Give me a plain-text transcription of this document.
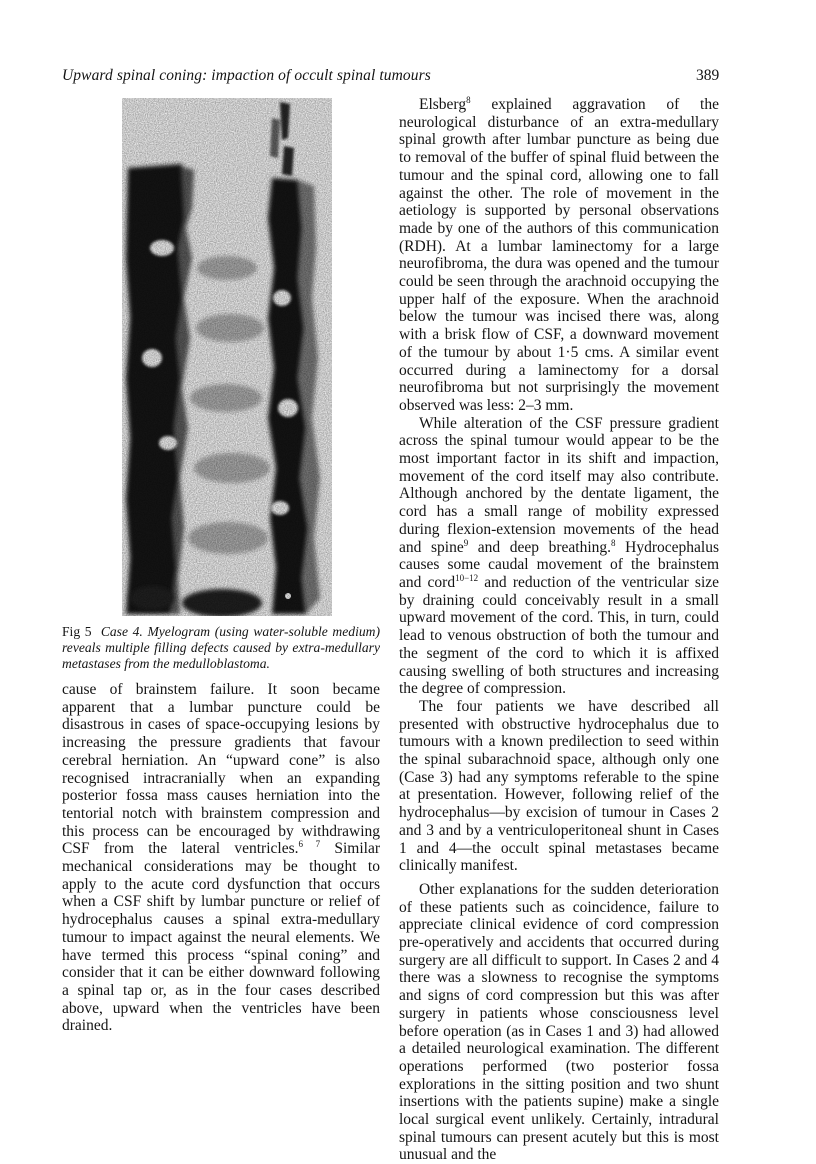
Upward spinal coning: impaction of occult spinal tumours	389
Fig 5 Case 4. Myelogram (using water-soluble medium) reveals multiple filling defects caused by extra-medullary metastases from the medulloblastoma.

cause of brainstem failure. It soon became apparent that a lumbar puncture could be disastrous in cases of space-occupying lesions by increasing the pressure gradients that favour cerebral herniation. An “upward cone” is also recognised intracranially when an expanding posterior fossa mass causes herniation into the tentorial notch with brainstem compression and this process can be encouraged by withdrawing CSF from the lateral ventricles.$^{6 7}$ Similar mechanical considerations may be thought to apply to the acute cord dysfunction that occurs when a CSF shift by lumbar puncture or relief of hydrocephalus causes a spinal extra-medullary tumour to impact against the neural elements. We have termed this process “spinal coning” and consider that it can be either downward following a spinal tap or, as in the four cases described above, upward when the ventricles have been drained.

Elsberg$^8$ explained aggravation of the neurological disturbance of an extra-medullary spinal growth after lumbar puncture as being due to removal of the buffer of spinal fluid between the tumour and the spinal cord, allowing one to fall against the other. The role of movement in the aetiology is supported by personal observations made by one of the authors of this communication (RDH). At a lumbar laminectomy for a large neurofibroma, the dura was opened and the tumour could be seen through the arachnoid occupying the upper half of the exposure. When the arachnoid below the tumour was incised there was, along with a brisk flow of CSF, a downward movement of the tumour by about 1·5 cms. A similar event occurred during a laminectomy for a dorsal neurofibroma but not surprisingly the movement observed was less: 2–3 mm.

While alteration of the CSF pressure gradient across the spinal tumour would appear to be the most important factor in its shift and impaction, movement of the cord itself may also contribute. Although anchored by the dentate ligament, the cord has a small range of mobility expressed during flexion-extension movements of the head and spine$^9$ and deep breathing.$^8$ Hydrocephalus causes some caudal movement of the brainstem and cord$^{10-12}$ and reduction of the ventricular size by draining could conceivably result in a small upward movement of the cord. This, in turn, could lead to venous obstruction of both the tumour and the segment of the cord to which it is affixed causing swelling of both structures and increasing the degree of compression.

The four patients we have described all presented with obstructive hydrocephalus due to tumours with a known predilection to seed within the spinal subarachnoid space, although only one (Case 3) had any symptoms referable to the spine at presentation. However, following relief of the hydrocephalus—by excision of tumour in Cases 2 and 3 and by a ventriculoperitoneal shunt in Cases 1 and 4—the occult spinal metastases became clinically manifest.

Other explanations for the sudden deterioration of these patients such as coincidence, failure to appreciate clinical evidence of cord compression pre-operatively and accidents that occurred during surgery are all difficult to support. In Cases 2 and 4 there was a slowness to recognise the symptoms and signs of cord compression but this was after surgery in patients whose consciousness level before operation (as in Cases 1 and 3) had allowed a detailed neurological examination. The different operations performed (two posterior fossa explorations in the sitting position and two shunt insertions with the patients supine) make a single local surgical event unlikely. Certainly, intradural spinal tumours can present acutely but this is most unusual and the
